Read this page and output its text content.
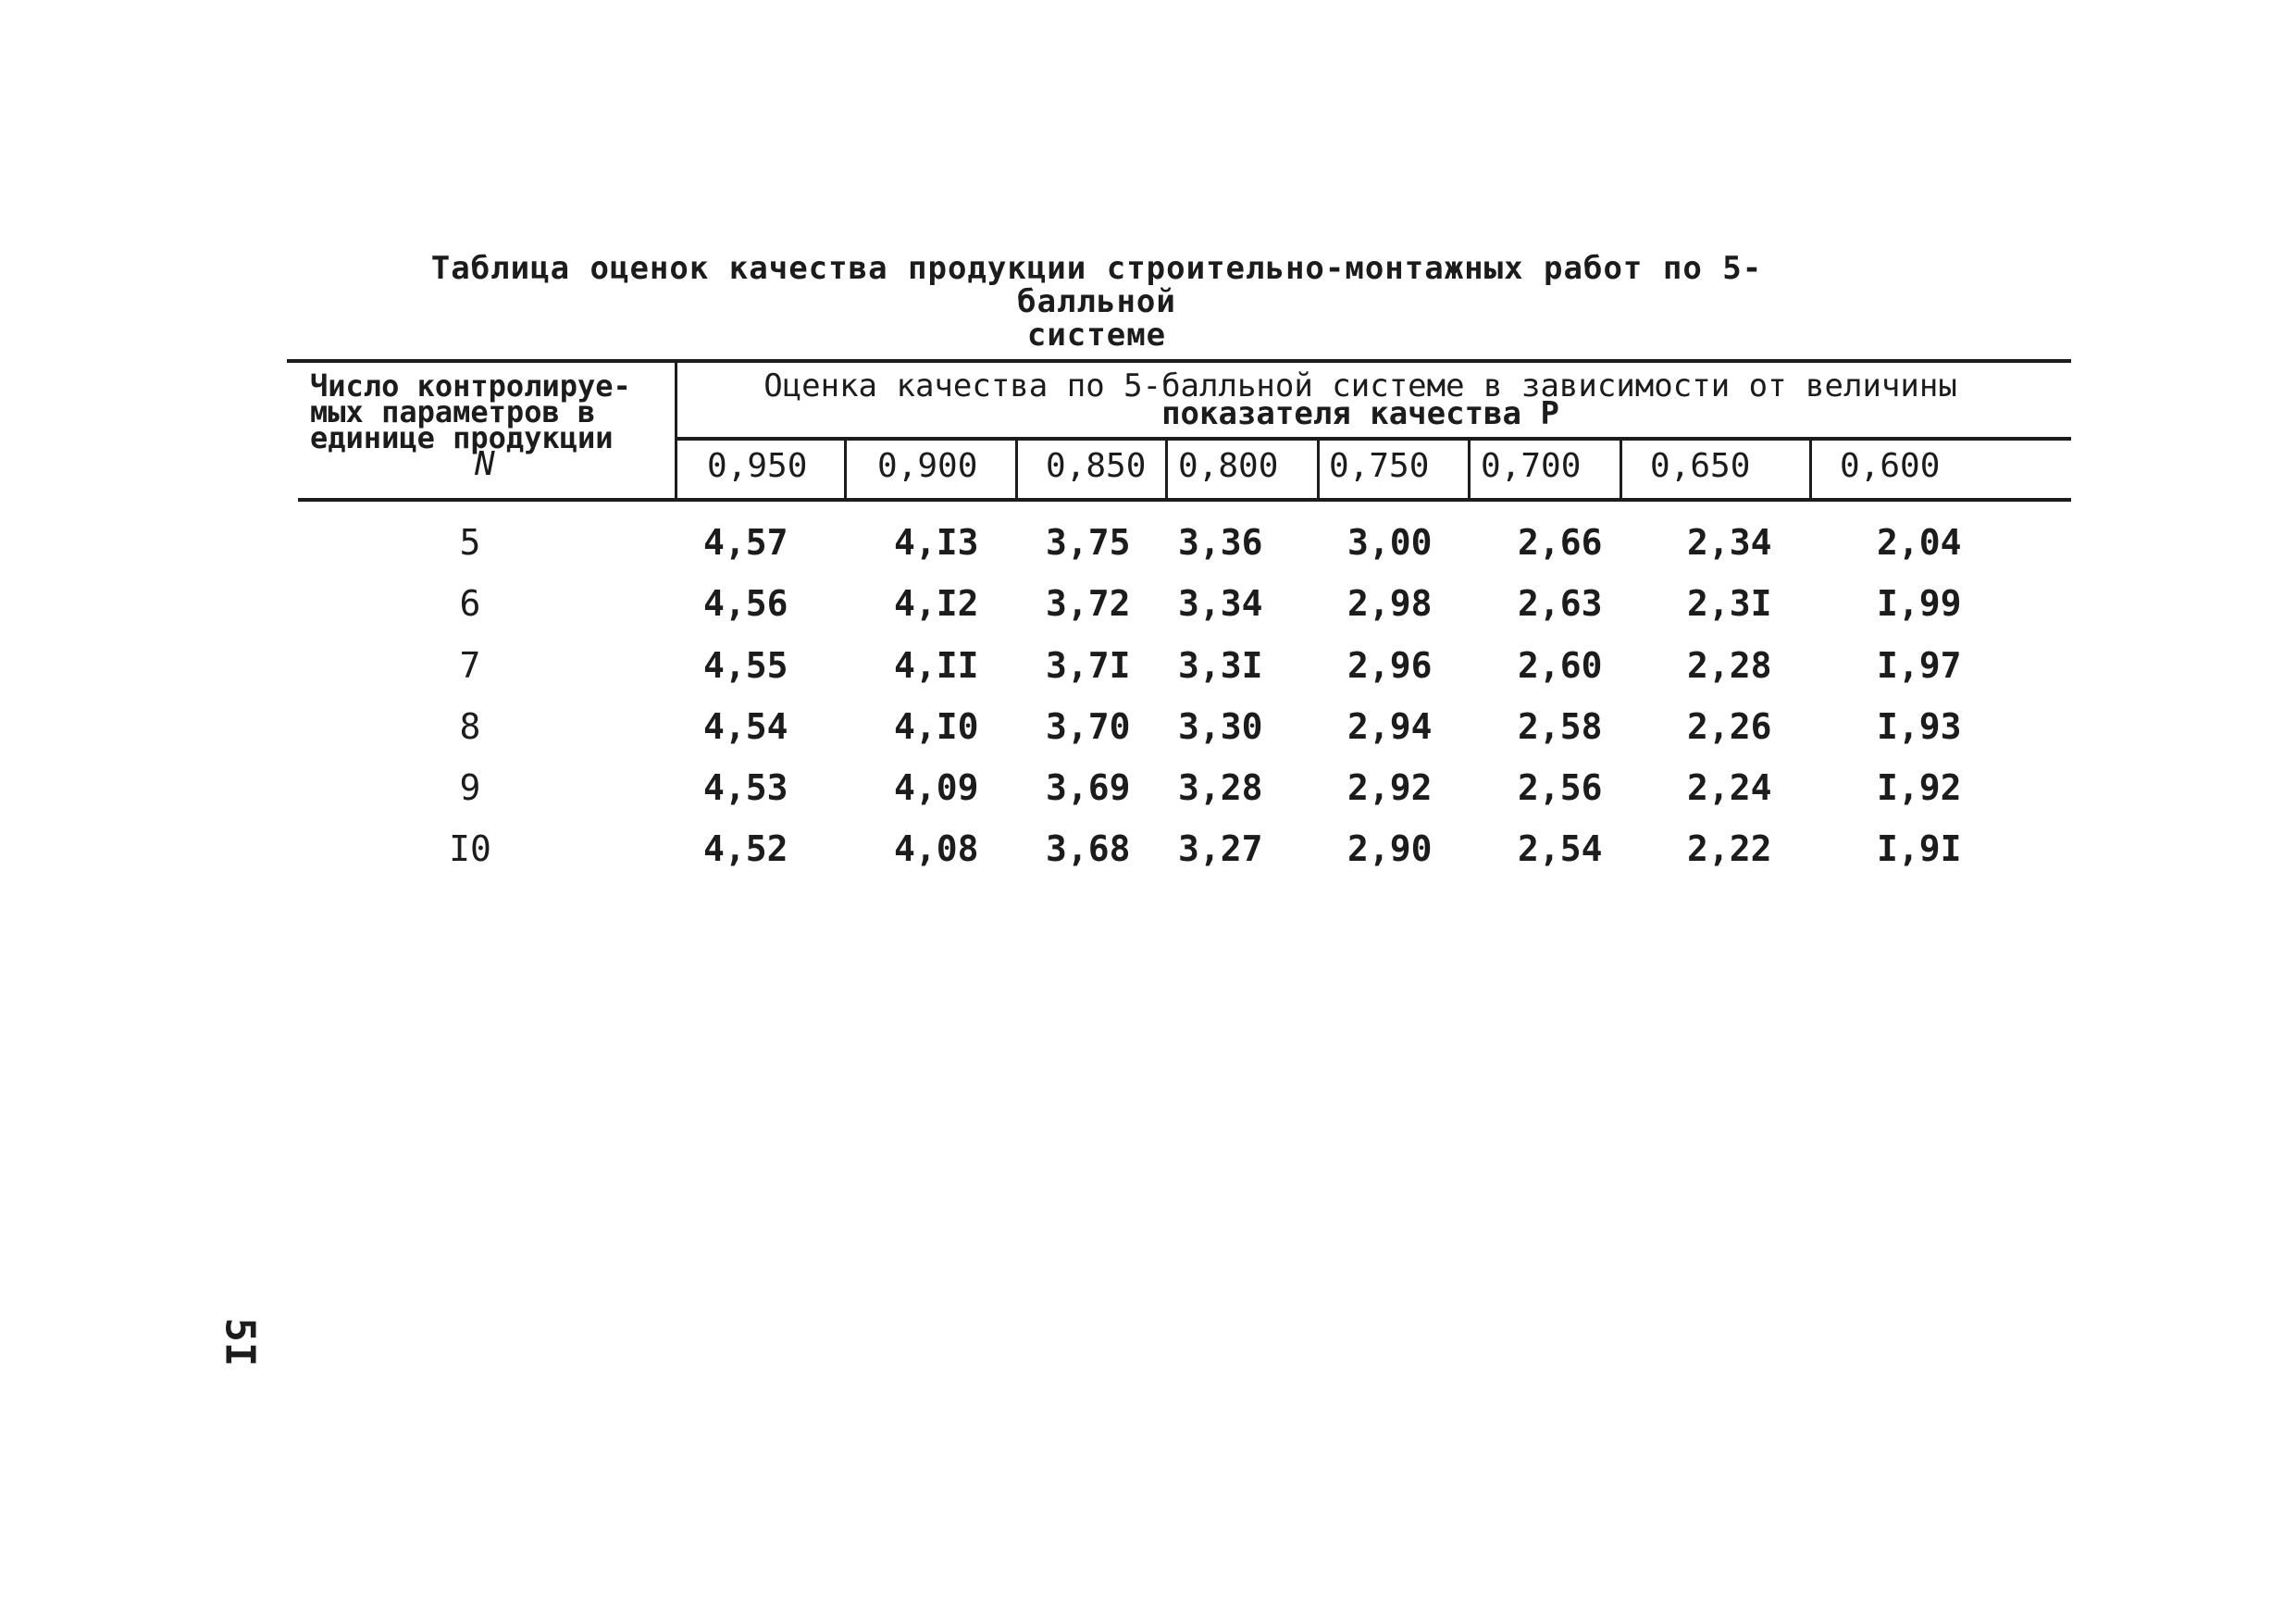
Таблица оценок качества продукции строительно-монтажных работ по 5-балльной
системе
Число контролируе-
мых параметров в
единице продукции
N
Оценка качества по 5-балльной системе в зависимости от величины
показателя качества Р
0,950 0,900 0,850 0,800 0,750 0,700 0,650	0,600
5	4,57	4,I3 3,75 3,36 3,00 2,66 2,34	2,04
6	4,56	4,I2 3,72 3,34 2,98 2,63 2,3I	I,99
7	4,55	4,II 3,7I 3,3I 2,96 2,60 2,28	I,97
8	4,54	4,I0 3,70 3,30 2,94 2,58 2,26	I,93
9	4,53	4,09 3,69 3,28 2,92 2,56 2,24	I,92
I0	4,52	4,08 3,68 3,27 2,90 2,54 2,22	I,9I
5I
